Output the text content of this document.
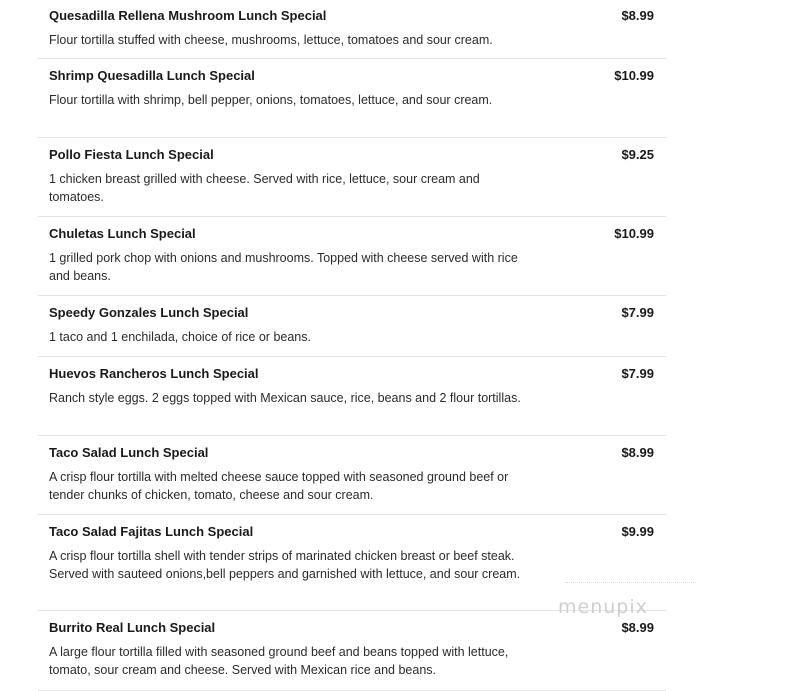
Quesadilla Rellena Mushroom Lunch Special	$8.99
Flour tortilla stuffed with cheese, mushrooms, lettuce, tomatoes and sour cream.
Shrimp Quesadilla Lunch Special	$10.99
Flour tortilla with shrimp, bell pepper, onions, tomatoes, lettuce, and sour cream.
Pollo Fiesta Lunch Special	$9.25
1 chicken breast grilled with cheese. Served with rice, lettuce, sour cream and tomatoes.
Chuletas Lunch Special	$10.99
1 grilled pork chop with onions and mushrooms. Topped with cheese served with rice and beans.
Speedy Gonzales Lunch Special	$7.99
1 taco and 1 enchilada, choice of rice or beans.
Huevos Rancheros Lunch Special	$7.99
Ranch style eggs. 2 eggs topped with Mexican sauce, rice, beans and 2 flour tortillas.
Taco Salad Lunch Special	$8.99
A crisp flour tortilla with melted cheese sauce topped with seasoned ground beef or tender chunks of chicken, tomato, cheese and sour cream.
Taco Salad Fajitas Lunch Special	$9.99
A crisp flour tortilla shell with tender strips of marinated chicken breast or beef steak. Served with sauteed onions,bell peppers and garnished with lettuce, and sour cream.
Burrito Real Lunch Special	$8.99
A large flour tortilla filled with seasoned ground beef and beans topped with lettuce, tomato, sour cream and cheese. Served with Mexican rice and beans.
menupix
